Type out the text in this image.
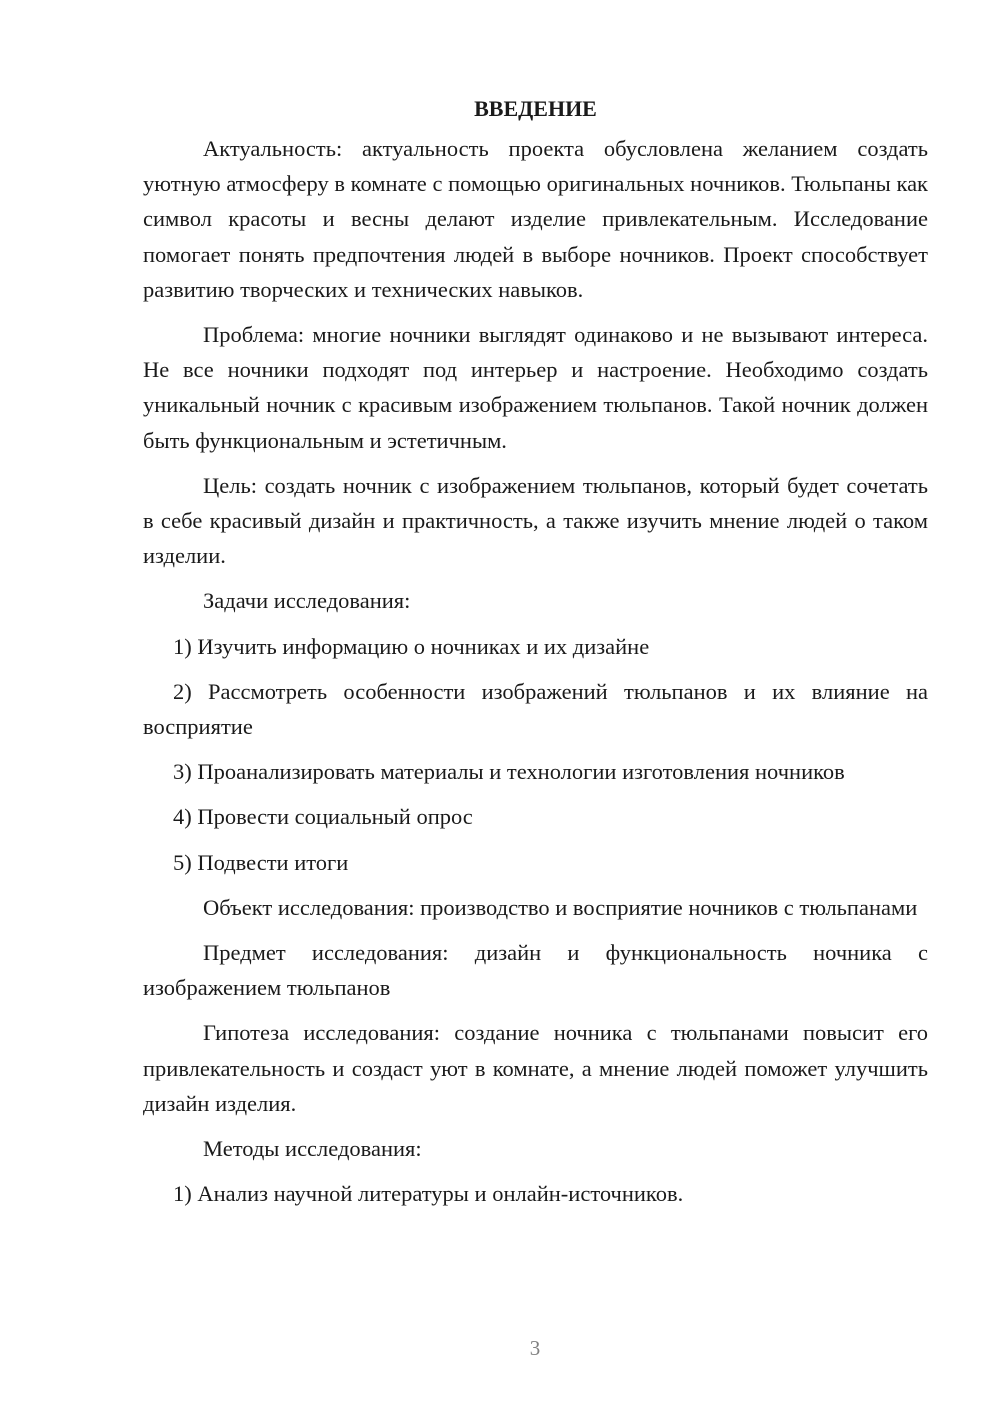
ВВЕДЕНИЕ

Актуальность: актуальность проекта обусловлена желанием создать уютную атмосферу в комнате с помощью оригинальных ночников. Тюльпаны как символ красоты и весны делают изделие привлекательным. Исследование помогает понять предпочтения людей в выборе ночников. Проект способствует развитию творческих и технических навыков.

Проблема: многие ночники выглядят одинаково и не вызывают интереса. Не все ночники подходят под интерьер и настроение. Необходимо создать уникальный ночник с красивым изображением тюльпанов. Такой ночник должен быть функциональным и эстетичным.

Цель: создать ночник с изображением тюльпанов, который будет сочетать в себе красивый дизайн и практичность, а также изучить мнение людей о таком изделии.

Задачи исследования:

1) Изучить информацию о ночниках и их дизайне

2) Рассмотреть особенности изображений тюльпанов и их влияние на восприятие

3) Проанализировать материалы и технологии изготовления ночников

4) Провести социальный опрос

5) Подвести итоги

Объект исследования: производство и восприятие ночников с тюльпанами

Предмет исследования: дизайн и функциональность ночника с изображением тюльпанов

Гипотеза исследования: создание ночника с тюльпанами повысит его привлекательность и создаст уют в комнате, а мнение людей поможет улучшить дизайн изделия.

Методы исследования:

1) Анализ научной литературы и онлайн-источников.

3
